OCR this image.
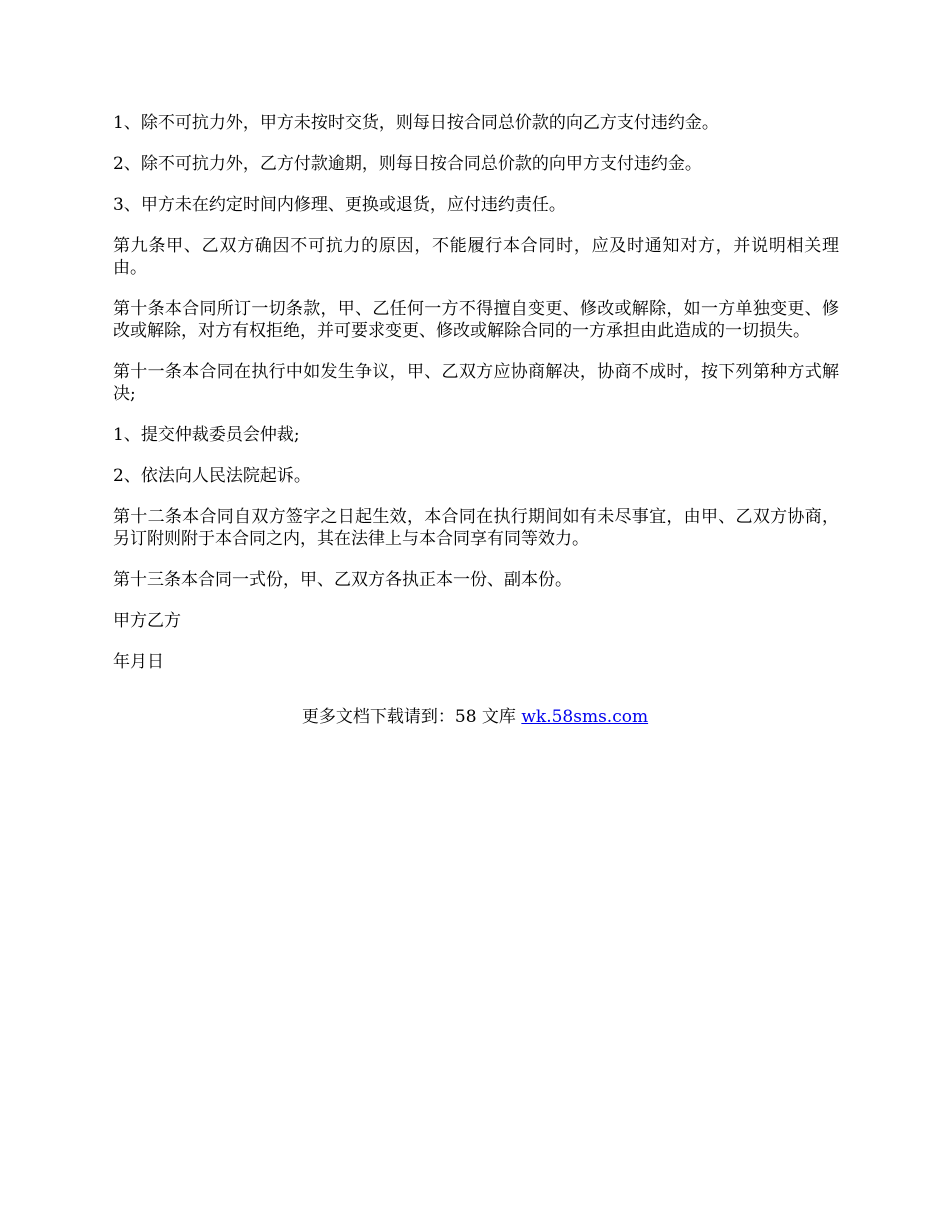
1、除不可抗力外，甲方未按时交货，则每日按合同总价款的向乙方支付违约金。

2、除不可抗力外，乙方付款逾期，则每日按合同总价款的向甲方支付违约金。

3、甲方未在约定时间内修理、更换或退货，应付违约责任。

第九条甲、乙双方确因不可抗力的原因，不能履行本合同时，应及时通知对方，并说明相关理由。

第十条本合同所订一切条款，甲、乙任何一方不得擅自变更、修改或解除，如一方单独变更、修改或解除，对方有权拒绝，并可要求变更、修改或解除合同的一方承担由此造成的一切损失。

第十一条本合同在执行中如发生争议，甲、乙双方应协商解决，协商不成时，按下列第种方式解决;

1、提交仲裁委员会仲裁;

2、依法向人民法院起诉。

第十二条本合同自双方签字之日起生效，本合同在执行期间如有未尽事宜，由甲、乙双方协商，另订附则附于本合同之内，其在法律上与本合同享有同等效力。

第十三条本合同一式份，甲、乙双方各执正本一份、副本份。

甲方乙方

年月日

更多文档下载请到：58 文库 wk.58sms.com
